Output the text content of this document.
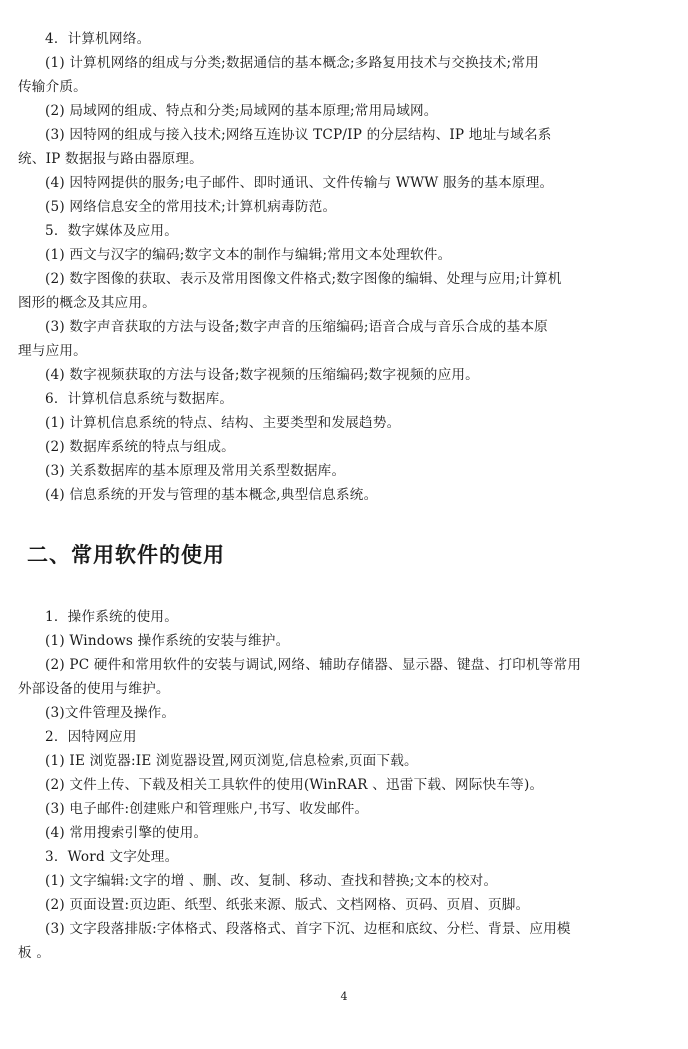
4．计算机网络。
(1) 计算机网络的组成与分类;数据通信的基本概念;多路复用技术与交换技术;常用
传输介质。
(2) 局域网的组成、特点和分类;局域网的基本原理;常用局域网。
(3) 因特网的组成与接入技术;网络互连协议 TCP/IP 的分层结构、IP 地址与域名系
统、IP 数据报与路由器原理。
(4) 因特网提供的服务;电子邮件、即时通讯、文件传输与 WWW 服务的基本原理。
(5) 网络信息安全的常用技术;计算机病毒防范。
5．数字媒体及应用。
(1) 西文与汉字的编码;数字文本的制作与编辑;常用文本处理软件。
(2) 数字图像的获取、表示及常用图像文件格式;数字图像的编辑、处理与应用;计算机
图形的概念及其应用。
(3) 数字声音获取的方法与设备;数字声音的压缩编码;语音合成与音乐合成的基本原
理与应用。
(4) 数字视频获取的方法与设备;数字视频的压缩编码;数字视频的应用。
6．计算机信息系统与数据库。
(1) 计算机信息系统的特点、结构、主要类型和发展趋势。
(2) 数据库系统的特点与组成。
(3) 关系数据库的基本原理及常用关系型数据库。
(4) 信息系统的开发与管理的基本概念,典型信息系统。
二、常用软件的使用
1．操作系统的使用。
(1) Windows 操作系统的安装与维护。
(2) PC 硬件和常用软件的安装与调试,网络、辅助存储器、显示器、键盘、打印机等常用
外部设备的使用与维护。
(3)文件管理及操作。
2．因特网应用
(1) IE 浏览器:IE 浏览器设置,网页浏览,信息检索,页面下载。
(2) 文件上传、下载及相关工具软件的使用(WinRAR 、迅雷下载、网际快车等)。
(3) 电子邮件:创建账户和管理账户,书写、收发邮件。
(4) 常用搜索引擎的使用。
3．Word 文字处理。
(1) 文字编辑:文字的增 、删、改、复制、移动、查找和替换;文本的校对。
(2) 页面设置:页边距、纸型、纸张来源、版式、文档网格、页码、页眉、页脚。
(3) 文字段落排版:字体格式、段落格式、首字下沉、边框和底纹、分栏、背景、应用模
板 。
4
